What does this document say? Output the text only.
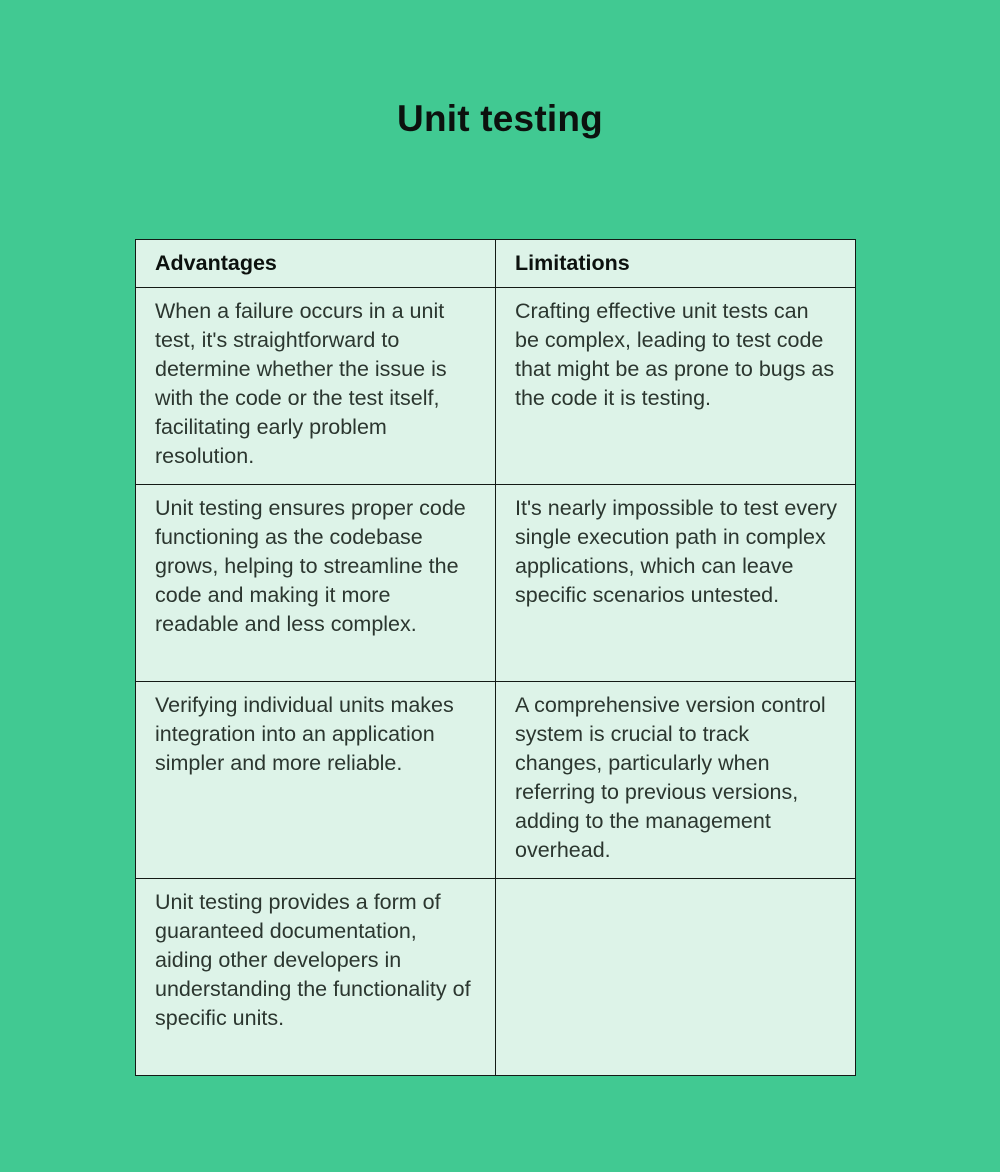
Unit testing
Advantages	Limitations
When a failure occurs in a unit test, it's straightforward to determine whether the issue is with the code or the test itself, facilitating early problem resolution.	Crafting effective unit tests can be complex, leading to test code that might be as prone to bugs as the code it is testing.
Unit testing ensures proper code functioning as the codebase grows, helping to streamline the code and making it more readable and less complex.	It's nearly impossible to test every single execution path in complex applications, which can leave specific scenarios untested.
Verifying individual units makes integration into an application simpler and more reliable.	A comprehensive version control system is crucial to track changes, particularly when referring to previous versions, adding to the management overhead.
Unit testing provides a form of guaranteed documentation, aiding other developers in understanding the functionality of specific units.	
